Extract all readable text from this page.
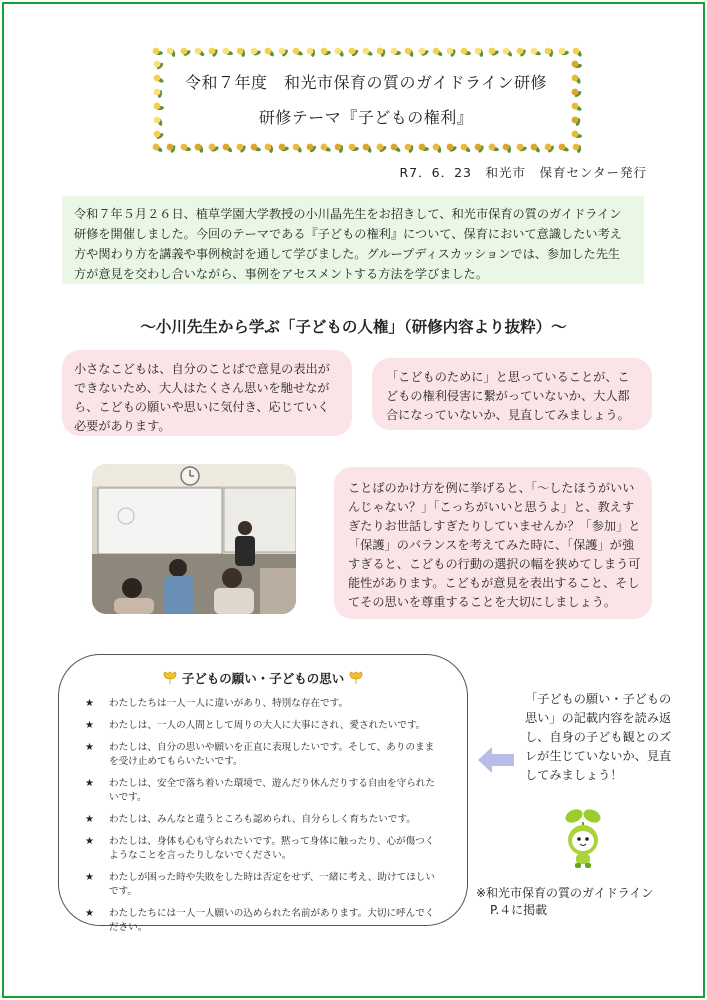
令和７年度　和光市保育の質のガイドライン研修
研修テーマ『子どもの権利』
R7．6．23　和光市　保育センター発行

令和７年５月２６日、植草学園大学教授の小川晶先生をお招きして、和光市保育の質のガイドライン研修を開催しました。今回のテーマである『子どもの権利』について、保育において意識したい考え方や関わり方を講義や事例検討を通して学びました。グループディスカッションでは、参加した先生方が意見を交わし合いながら、事例をアセスメントする方法を学びました。

～小川先生から学ぶ「子どもの人権」（研修内容より抜粋）～

小さなこどもは、自分のことばで意見の表出ができないため、大人はたくさん思いを馳せながら、こどもの願いや思いに気付き、応じていく必要があります。

「こどものために」と思っていることが、こどもの権利侵害に繋がっていないか、大人都合になっていないか、見直してみましょう。

ことばのかけ方を例に挙げると、「～したほうがいいんじゃない？」「こっちがいいと思うよ」と、教えすぎたりお世話しすぎたりしていませんか？「参加」と「保護」のバランスを考えてみた時に、「保護」が強すぎると、こどもの行動の選択の幅を狭めてしまう可能性があります。こどもが意見を表出すること、そしてその思いを尊重することを大切にしましょう。

子どもの願い・子どもの思い
★ わたしたちは一人一人に違いがあり、特別な存在です。
★ わたしは、一人の人間として周りの大人に大事にされ、愛されたいです。
★ わたしは、自分の思いや願いを正直に表現したいです。そして、ありのままを受け止めてもらいたいです。
★ わたしは、安全で落ち着いた環境で、遊んだり休んだりする自由を守られたいです。
★ わたしは、みんなと違うところも認められ、自分らしく育ちたいです。
★ わたしは、身体も心も守られたいです。黙って身体に触ったり、心が傷つくようなことを言ったりしないでください。
★ わたしが困った時や失敗をした時は否定をせず、一緒に考え、助けてほしいです。
★ わたしたちには一人一人願いの込められた名前があります。大切に呼んでください。

「子どもの願い・子どもの思い」の記載内容を読み返し、自身の子ども観とのズレが生じていないか、見直してみましょう！

※和光市保育の質のガイドライン
P.４に掲載
